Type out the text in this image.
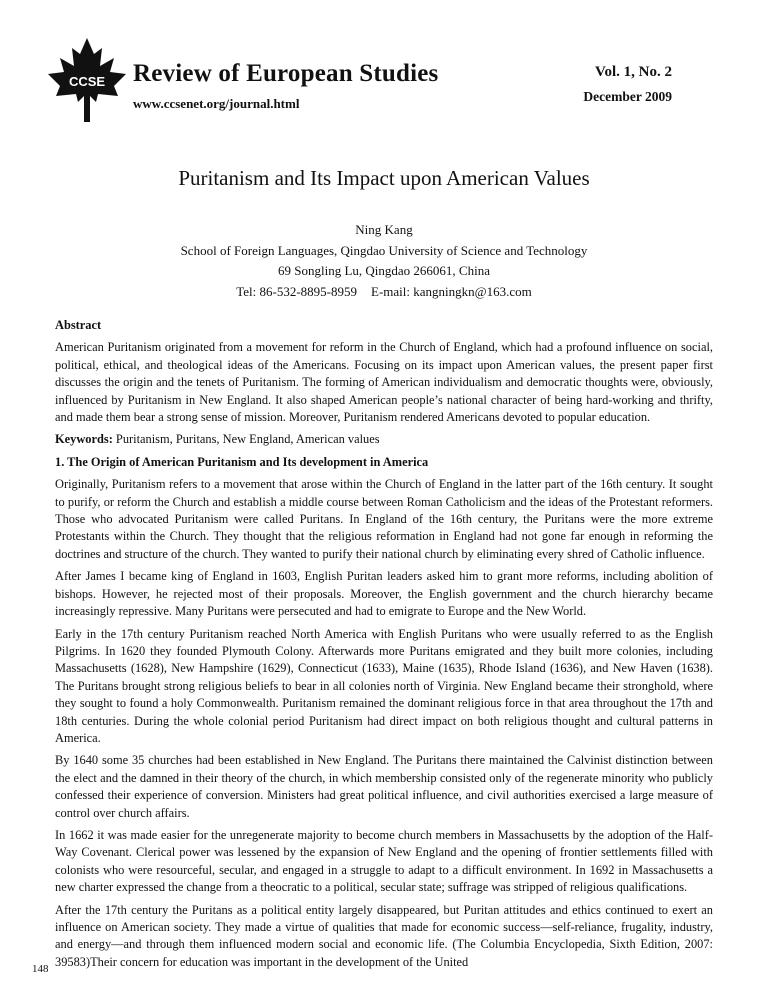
CCSE Review of European Studies
www.ccsenet.org/journal.html
Vol. 1, No. 2
December 2009
Puritanism and Its Impact upon American Values
Ning Kang
School of Foreign Languages, Qingdao University of Science and Technology
69 Songling Lu, Qingdao 266061, China
Tel: 86-532-8895-8959 E-mail: kangningkn@163.com

Abstract

American Puritanism originated from a movement for reform in the Church of England, which had a profound influence on social, political, ethical, and theological ideas of the Americans. Focusing on its impact upon American values, the present paper first discusses the origin and the tenets of Puritanism. The forming of American individualism and democratic thoughts were, obviously, influenced by Puritanism in New England. It also shaped American people’s national character of being hard-working and thrifty, and made them bear a strong sense of mission. Moreover, Puritanism rendered Americans devoted to popular education.

Keywords: Puritanism, Puritans, New England, American values

1. The Origin of American Puritanism and Its development in America

Originally, Puritanism refers to a movement that arose within the Church of England in the latter part of the 16th century. It sought to purify, or reform the Church and establish a middle course between Roman Catholicism and the ideas of the Protestant reformers. Those who advocated Puritanism were called Puritans. In England of the 16th century, the Puritans were the more extreme Protestants within the Church. They thought that the religious reformation in England had not gone far enough in reforming the doctrines and structure of the church. They wanted to purify their national church by eliminating every shred of Catholic influence.

After James I became king of England in 1603, English Puritan leaders asked him to grant more reforms, including abolition of bishops. However, he rejected most of their proposals. Moreover, the English government and the church hierarchy became increasingly repressive. Many Puritans were persecuted and had to emigrate to Europe and the New World.

Early in the 17th century Puritanism reached North America with English Puritans who were usually referred to as the English Pilgrims. In 1620 they founded Plymouth Colony. Afterwards more Puritans emigrated and they built more colonies, including Massachusetts (1628), New Hampshire (1629), Connecticut (1633), Maine (1635), Rhode Island (1636), and New Haven (1638). The Puritans brought strong religious beliefs to bear in all colonies north of Virginia. New England became their stronghold, where they sought to found a holy Commonwealth. Puritanism remained the dominant religious force in that area throughout the 17th and 18th centuries. During the whole colonial period Puritanism had direct impact on both religious thought and cultural patterns in America.

By 1640 some 35 churches had been established in New England. The Puritans there maintained the Calvinist distinction between the elect and the damned in their theory of the church, in which membership consisted only of the regenerate minority who publicly confessed their experience of conversion. Ministers had great political influence, and civil authorities exercised a large measure of control over church affairs.

In 1662 it was made easier for the unregenerate majority to become church members in Massachusetts by the adoption of the Half-Way Covenant. Clerical power was lessened by the expansion of New England and the opening of frontier settlements filled with colonists who were resourceful, secular, and engaged in a struggle to adapt to a difficult environment. In 1692 in Massachusetts a new charter expressed the change from a theocratic to a political, secular state; suffrage was stripped of religious qualifications.

After the 17th century the Puritans as a political entity largely disappeared, but Puritan attitudes and ethics continued to exert an influence on American society. They made a virtue of qualities that made for economic success—self-reliance, frugality, industry, and energy—and through them influenced modern social and economic life. (The Columbia Encyclopedia, Sixth Edition, 2007: 39583)Their concern for education was important in the development of the United

148
